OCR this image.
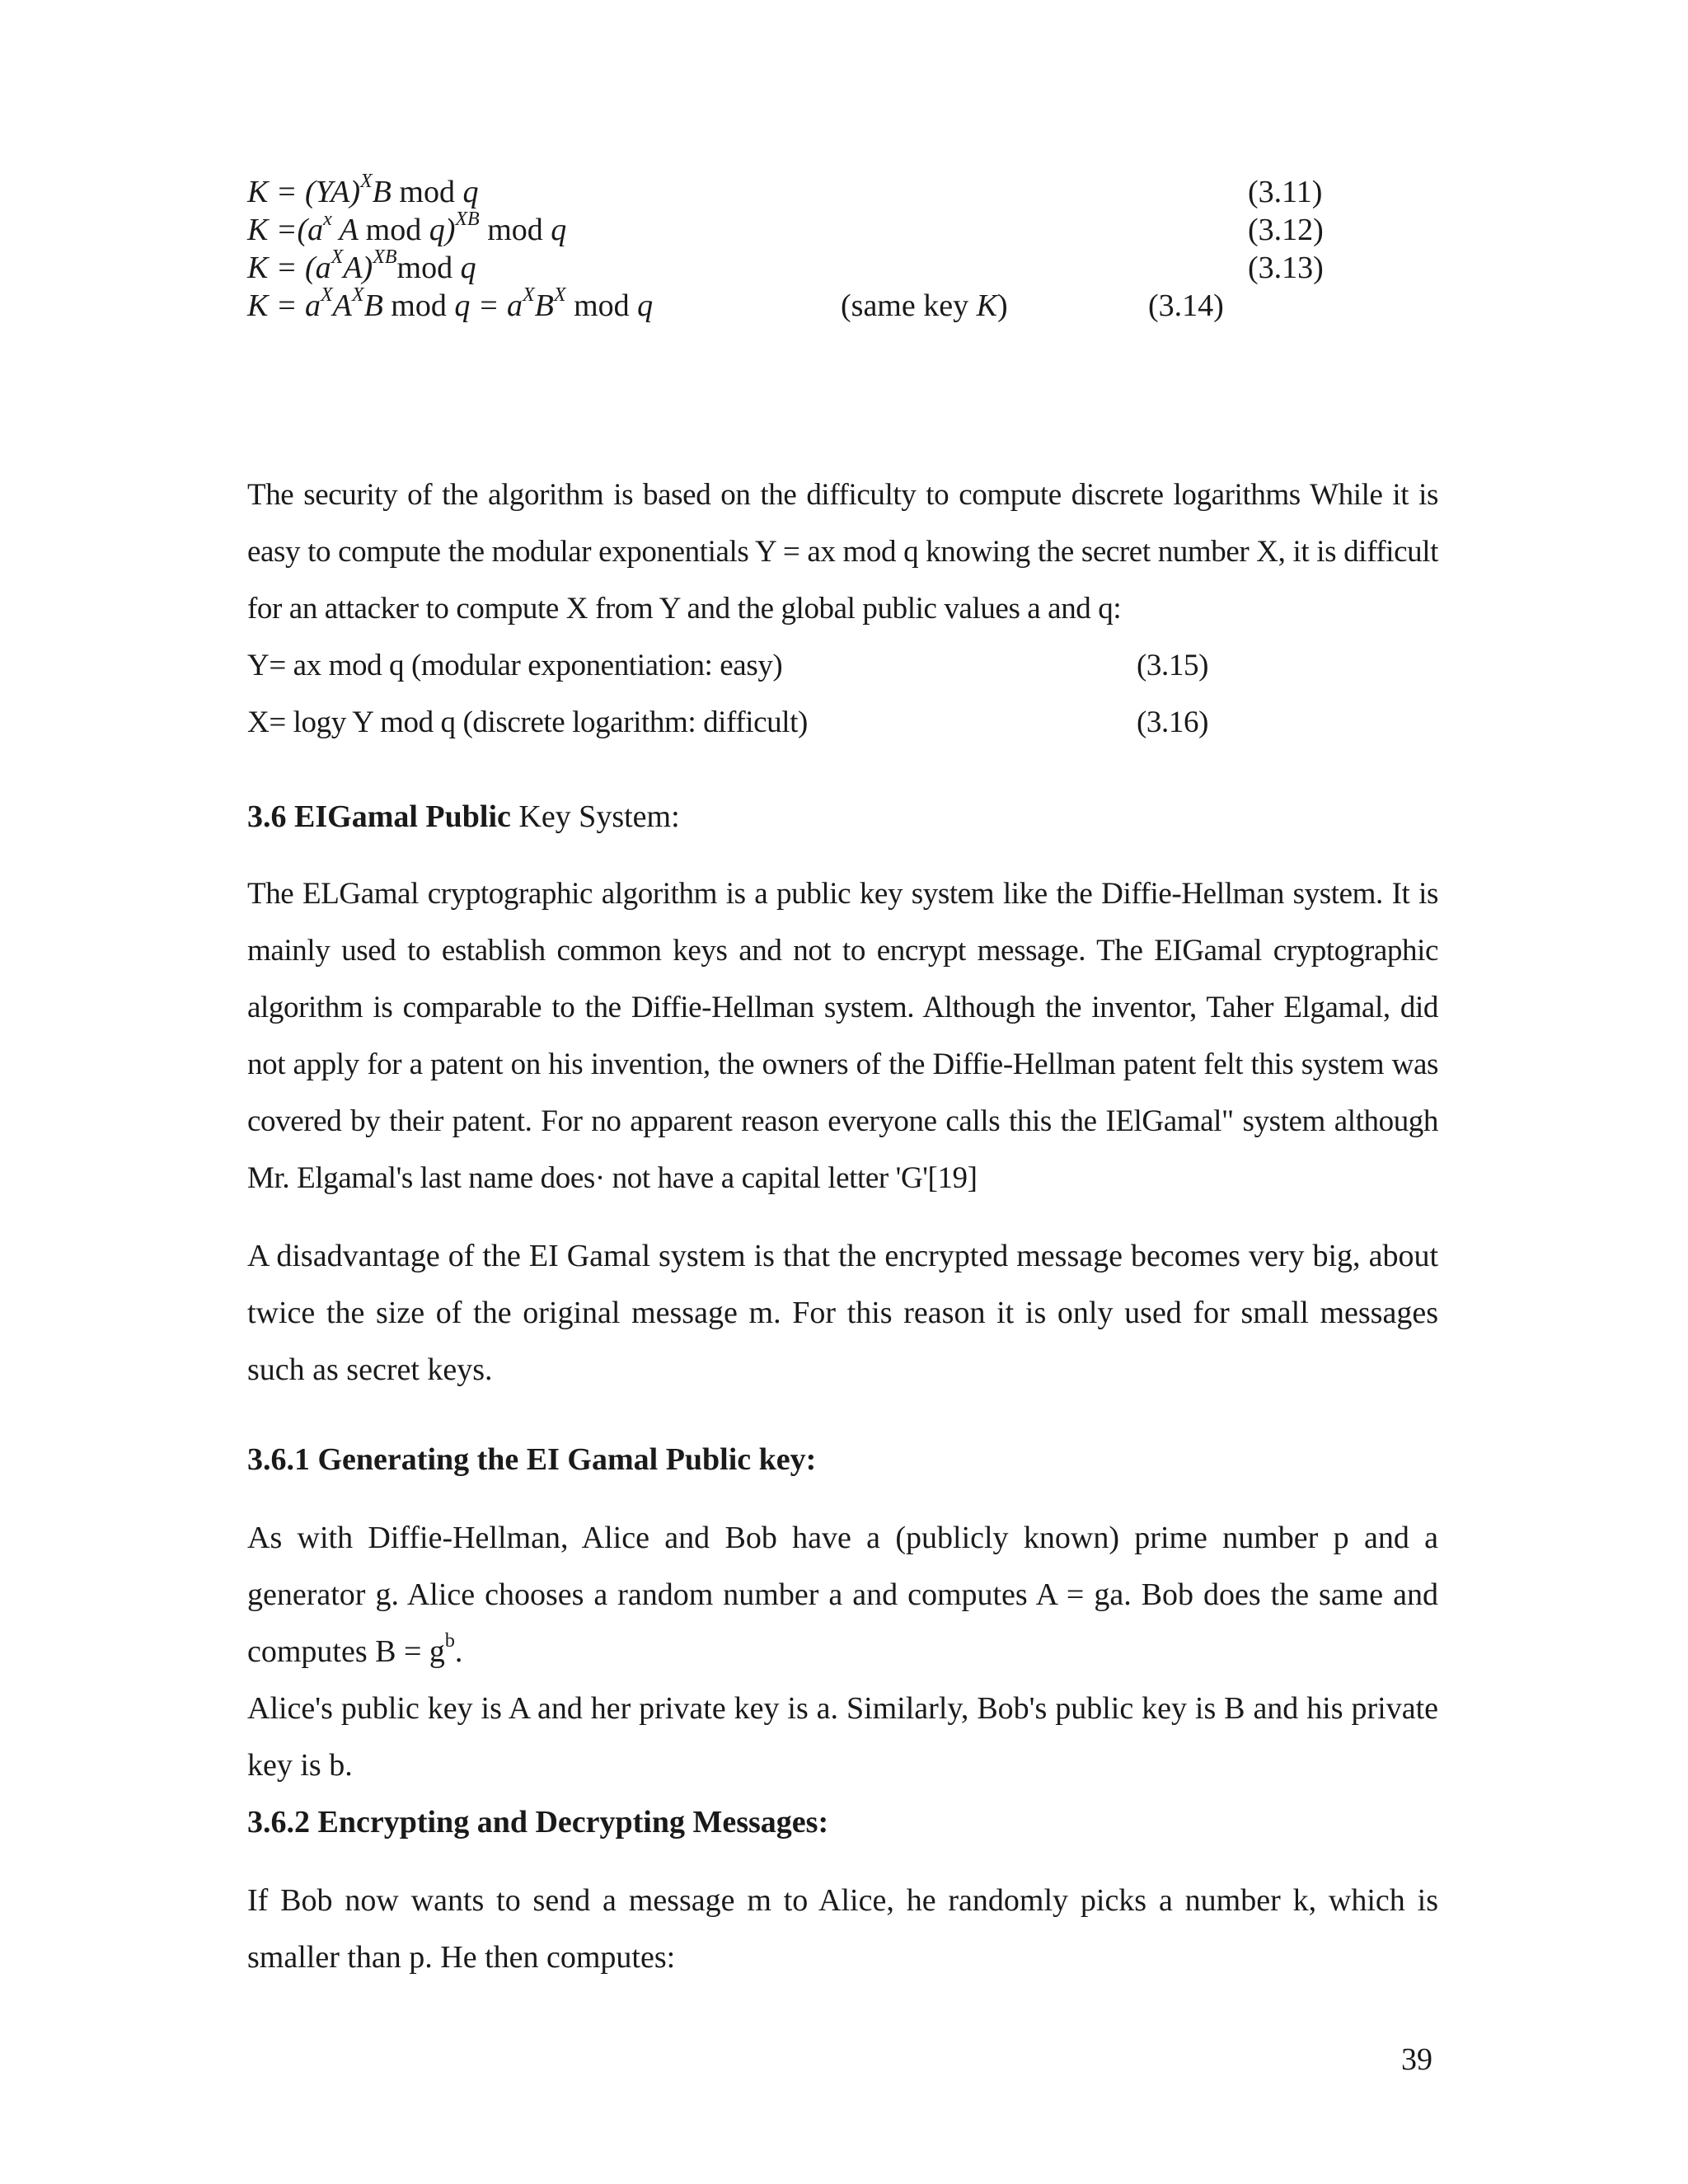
K = (YA)$^X$B mod q	(3.11)
$K =(a^x$ A mod q)$^{XB}$ mod q	(3.12)
$K = (a^XA)^{XB}mod$ q	(3.13)
$K = a^XA^XB$ mod $q = a^XB^X$ mod q	(same key K)	(3.14)

The security of the algorithm is based on the difficulty to compute discrete logarithms While it is easy to compute the modular exponentials Y = ax mod q knowing the secret number X, it is difficult for an attacker to compute X from Y and the global public values a and q:

Y= ax mod q (modular exponentiation: easy)	(3.15)
X= logy Y mod q (discrete logarithm: difficult)	(3.16)
3.6 EIGamal Public Key System:

The ELGamal cryptographic algorithm is a public key system like the Diffie-Hellman system. It is mainly used to establish common keys and not to encrypt message. The EIGamal cryptographic algorithm is comparable to the Diffie-Hellman system. Although the inventor, Taher Elgamal, did not apply for a patent on his invention, the owners of the Diffie-Hellman patent felt this system was covered by their patent. For no apparent reason everyone calls this the IElGamal" system although Mr. Elgamal's last name does· not have a capital letter 'G'[19]

A disadvantage of the EI Gamal system is that the encrypted message becomes very big, about twice the size of the original message m. For this reason it is only used for small messages such as secret keys.

3.6.1 Generating the EI Gamal Public key:

As with Diffie-Hellman, Alice and Bob have a (publicly known) prime number p and a generator g. Alice chooses a random number a and computes A = ga. Bob does the same and computes $B = g^b$.

Alice's public key is A and her private key is a. Similarly, Bob's public key is B and his private key is b.

3.6.2 Encrypting and Decrypting Messages:

If Bob now wants to send a message m to Alice, he randomly picks a number k, which is smaller than p. He then computes:

39
